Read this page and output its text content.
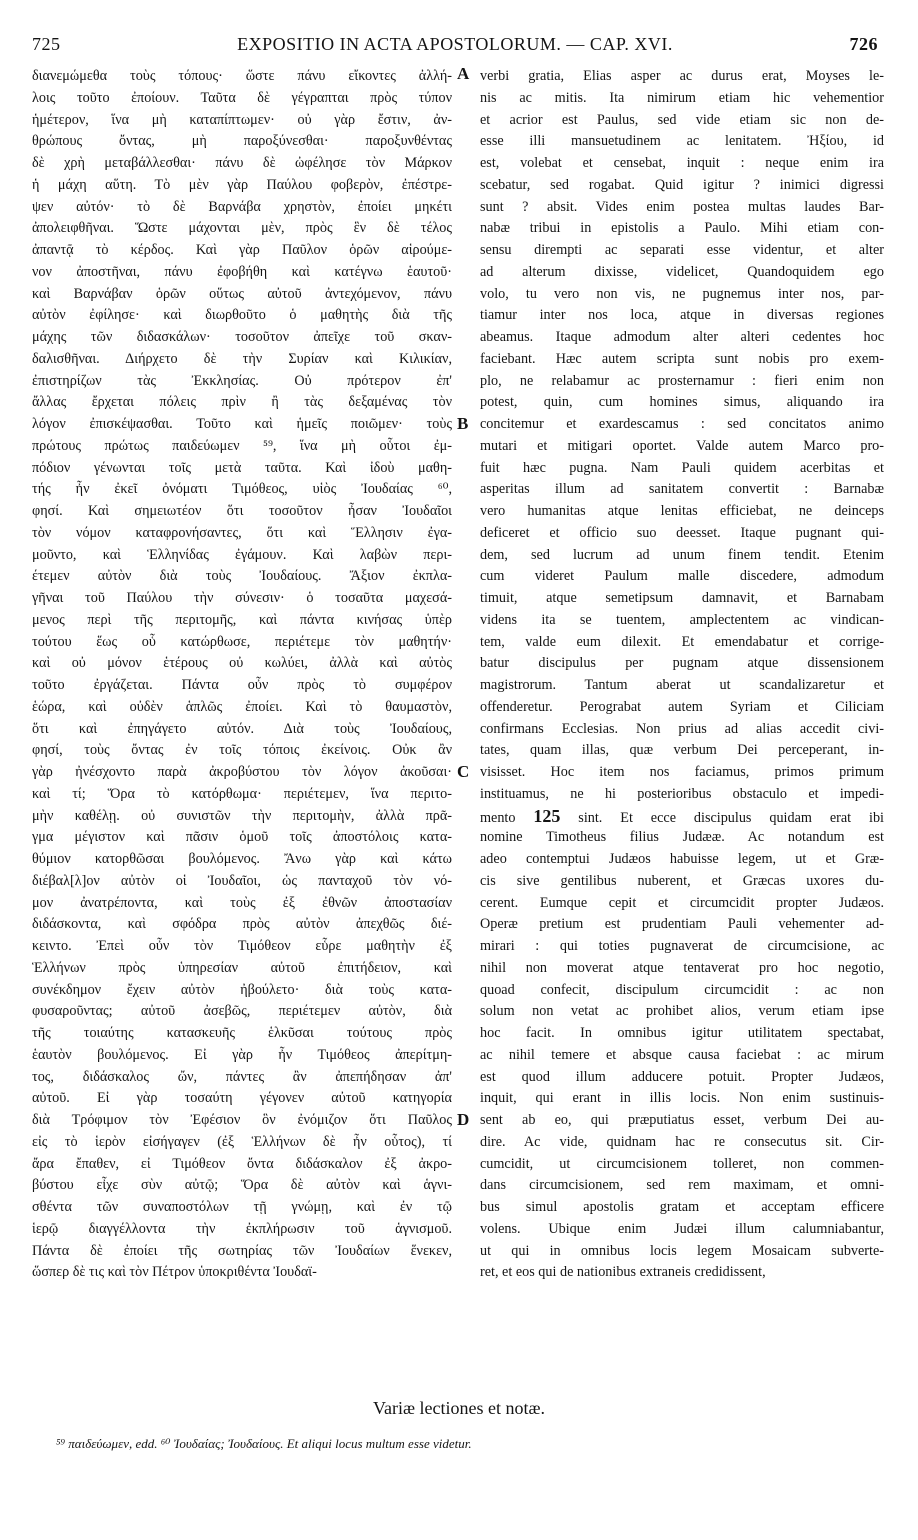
725	EXPOSITIO IN ACTA APOSTOLORUM. — CAP. XVI.	726
διανεμώμεθα τοὺς τόπους· ὥστε πάνυ εἴκοντες ἀλλή-
λοις τοῦτο ἐποίουν. Ταῦτα δὲ γέγραπται πρὸς τύπον
ἡμέτερον, ἵνα μὴ καταπίπτωμεν· οὐ γὰρ ἔστιν, ἀν-
θρώπους ὄντας, μὴ παροξύνεσθαι· παροξυνθέντας
δὲ χρὴ μεταβάλλεσθαι· πάνυ δὲ ὠφέλησε τὸν Μάρκον
ἡ μάχη αὕτη. Τὸ μὲν γὰρ Παύλου φοβερὸν, ἐπέστρε-
ψεν αὐτόν· τὸ δὲ Βαρνάβα χρηστὸν, ἐποίει μηκέτι
ἀπολειφθῆναι. Ὥστε μάχονται μὲν, πρὸς ἓν δὲ τέλος
ἀπαντᾷ τὸ κέρδος. Καὶ γὰρ Παῦλον ὁρῶν αἱρούμε-
νον ἀποστῆναι, πάνυ ἐφοβήθη καὶ κατέγνω ἑαυτοῦ·
καὶ Βαρνάβαν ὁρῶν οὕτως αὐτοῦ ἀντεχόμενον, πάνυ
αὐτὸν ἐφίλησε· καὶ διωρθοῦτο ὁ μαθητὴς διὰ τῆς
μάχης τῶν διδασκάλων· τοσοῦτον ἀπεῖχε τοῦ σκαν-
δαλισθῆναι. Διήρχετο δὲ τὴν Συρίαν καὶ Κιλικίαν,
ἐπιστηρίζων τὰς Ἐκκλησίας. Οὐ πρότερον ἐπ'
ἄλλας ἔρχεται πόλεις πρὶν ἢ τὰς δεξαμένας τὸν
λόγον ἐπισκέψασθαι. Τοῦτο καὶ ἡμεῖς ποιῶμεν· τοὺς
πρώτους πρώτως παιδεύωμεν ⁵⁹, ἵνα μὴ οὗτοι ἐμ-
πόδιον γένωνται τοῖς μετὰ ταῦτα. Καὶ ἰδοὺ μαθη-
τής ἦν ἐκεῖ ὀνόματι Τιμόθεος, υἱὸς Ἰουδαίας ⁶⁰,
φησί. Καὶ σημειωτέον ὅτι τοσοῦτον ἦσαν Ἰουδαῖοι
τὸν νόμον καταφρονήσαντες, ὅτι καὶ Ἕλλησιν ἐγα-
μοῦντο, καὶ Ἑλληνίδας ἐγάμουν. Καὶ λαβὼν περι-
έτεμεν αὐτὸν διὰ τοὺς Ἰουδαίους. Ἄξιον ἐκπλα-
γῆναι τοῦ Παύλου τὴν σύνεσιν· ὁ τοσαῦτα μαχεσά-
μενος περὶ τῆς περιτομῆς, καὶ πάντα κινήσας ὑπὲρ
τούτου ἕως οὗ κατώρθωσε, περιέτεμε τὸν μαθητήν·
καὶ οὐ μόνον ἑτέρους οὐ κωλύει, ἀλλὰ καὶ αὐτὸς
τοῦτο ἐργάζεται. Πάντα οὖν πρὸς τὸ συμφέρον
ἑώρα, καὶ οὐδὲν ἁπλῶς ἐποίει. Καὶ τὸ θαυμαστὸν,
ὅτι καὶ ἐπηγάγετο αὐτόν. Διὰ τοὺς Ἰουδαίους,
φησί, τοὺς ὄντας ἐν τοῖς τόποις ἐκείνοις. Οὐκ ἂν
γὰρ ἠνέσχοντο παρὰ ἀκροβύστου τὸν λόγον ἀκοῦσαι·
καὶ τί; Ὅρα τὸ κατόρθωμα· περιέτεμεν, ἵνα περιτο-
μὴν καθέλῃ. οὐ συνιστῶν τὴν περιτομὴν, ἀλλὰ πρᾶ-
γμα μέγιστον καὶ πᾶσιν ὁμοῦ τοῖς ἀποστόλοις κατα-
θύμιον κατορθῶσαι βουλόμενος. Ἄνω γὰρ καὶ κάτω
διέβαλ[λ]ον αὐτὸν οἱ Ἰουδαῖοι, ὡς πανταχοῦ τὸν νό-
μον ἀνατρέποντα, καὶ τοὺς ἐξ ἐθνῶν ἀποστασίαν
διδάσκοντα, καὶ σφόδρα πρὸς αὐτὸν ἀπεχθῶς διέ-
κειντο. Ἐπεὶ οὖν τὸν Τιμόθεον εὗρε μαθητὴν ἐξ
Ἑλλήνων πρὸς ὑπηρεσίαν αὐτοῦ ἐπιτήδειον, καὶ
συνέκδημον ἔχειν αὐτὸν ἠβούλετο· διὰ τοὺς κατα-
φυσαροῦντας; αὐτοῦ ἀσεβῶς, περιέτεμεν αὐτὸν, διὰ
τῆς τοιαύτης κατασκευῆς ἑλκῦσαι τούτους πρὸς
ἑαυτὸν βουλόμενος. Εἰ γὰρ ἦν Τιμόθεος ἀπερίτμη-
τος, διδάσκαλος ὤν, πάντες ἂν ἀπεπήδησαν ἀπ'
αὐτοῦ. Εἰ γὰρ τοσαύτη γέγονεν αὐτοῦ κατηγορία
διὰ Τρόφιμον τὸν Ἐφέσιον ὃν ἐνόμιζον ὅτι Παῦλος
εἰς τὸ ἱερὸν εἰσήγαγεν (ἐξ Ἑλλήνων δὲ ἦν οὗτος), τί
ἄρα ἔπαθεν, εἰ Τιμόθεον ὄντα διδάσκαλον ἐξ ἀκρο-
βύστου εἶχε σὺν αὐτῷ; Ὅρα δὲ αὐτὸν καὶ ἁγνι-
σθέντα τῶν συναποστόλων τῇ γνώμῃ, καὶ ἐν τῷ
ἱερῷ διαγγέλλοντα τὴν ἐκπλήρωσιν τοῦ ἁγνισμοῦ.
Πάντα δὲ ἐποίει τῆς σωτηρίας τῶν Ἰουδαίων ἕνεκεν,
ὥσπερ δὲ τις καὶ τὸν Πέτρον ὑποκριθέντα Ἰουδαϊ-
A
B
C
D
verbi gratia, Elias asper ac durus erat, Moyses le-
nis ac mitis. Ita nimirum etiam hic vehementior
et acrior est Paulus, sed vide etiam sic non de-
esse illi mansuetudinem ac lenitatem. Ἠξίου, id
est, volebat et censebat, inquit : neque enim ira
scebatur, sed rogabat. Quid igitur ? inimici digressi
sunt ? absit. Vides enim postea multas laudes Bar-
nabæ tribui in epistolis a Paulo. Mihi etiam con-
sensu dirempti ac separati esse videntur, et alter
ad alterum dixisse, videlicet, Quandoquidem ego
volo, tu vero non vis, ne pugnemus inter nos, par-
tiamur inter nos loca, atque in diversas regiones
abeamus. Itaque admodum alter alteri cedentes hoc
faciebant. Hæc autem scripta sunt nobis pro exem-
plo, ne relabamur ac prosternamur : fieri enim non
potest, quin, cum homines simus, aliquando ira
concitemur et exardescamus : sed concitatos animo
mutari et mitigari oportet. Valde autem Marco pro-
fuit hæc pugna. Nam Pauli quidem acerbitas et
asperitas illum ad sanitatem convertit : Barnabæ
vero humanitas atque lenitas efficiebat, ne deinceps
deficeret et officio suo deesset. Itaque pugnant qui-
dem, sed lucrum ad unum finem tendit. Etenim
cum videret Paulum malle discedere, admodum
timuit, atque semetipsum damnavit, et Barnabam
videns ita se tuentem, amplectentem ac vindican-
tem, valde eum dilexit. Et emendabatur et corrige-
batur discipulus per pugnam atque dissensionem
magistrorum. Tantum aberat ut scandalizaretur et
offenderetur. Perograbat autem Syriam et Ciliciam
confirmans Ecclesias. Non prius ad alias accedit civi-
tates, quam illas, quæ verbum Dei perceperant, in-
visisset. Hoc item nos faciamus, primos primum
instituamus, ne hi posterioribus obstaculo et impedi-
mento 125 sint. Et ecce discipulus quidam erat ibi
nomine Timotheus filius Judææ. Ac notandum est
adeo contemptui Judæos habuisse legem, ut et Græ-
cis sive gentilibus nuberent, et Græcas uxores du-
cerent. Eumque cepit et circumcidit propter Judæos.
Operæ pretium est prudentiam Pauli vehementer ad-
mirari : qui toties pugnaverat de circumcisione, ac
nihil non moverat atque tentaverat pro hoc negotio,
quoad confecit, discipulum circumcidit : ac non
solum non vetat ac prohibet alios, verum etiam ipse
hoc facit. In omnibus igitur utilitatem spectabat,
ac nihil temere et absque causa faciebat : ac mirum
est quod illum adducere potuit. Propter Judæos,
inquit, qui erant in illis locis. Non enim sustinuis-
sent ab eo, qui præputiatus esset, verbum Dei au-
dire. Ac vide, quidnam hac re consecutus sit. Cir-
cumcidit, ut circumcisionem tolleret, non commen-
dans circumcisionem, sed rem maximam, et omni-
bus simul apostolis gratam et acceptam efficere
volens. Ubique enim Judæi illum calumniabantur,
ut qui in omnibus locis legem Mosaicam subverte-
ret, et eos qui de nationibus extraneis credidissent,
Variæ lectiones et notæ.
⁵⁹ παιδεύωμεν, edd. ⁶⁰ Ἰουδαίας; Ἰουδαίους. Et aliqui locus multum esse videtur.
